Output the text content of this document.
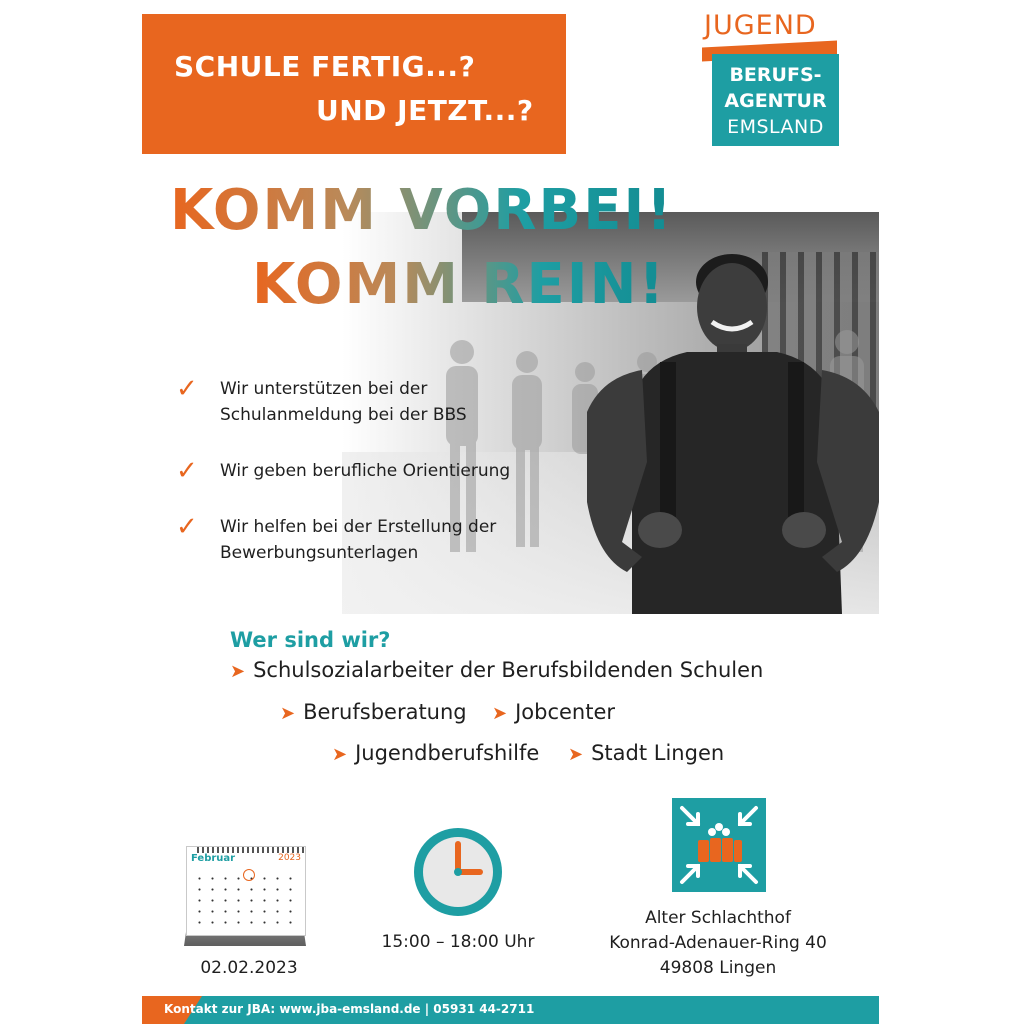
SCHULE FERTIG...?
UND JETZT...?
JUGEND
BERUFS-
AGENTUR
EMSLAND
KOMM VORBEI!
KOMM REIN!
✓ Wir unterstützen bei der
Schulanmeldung bei der BBS
✓ Wir geben berufliche Orientierung
✓ Wir helfen bei der Erstellung der
Bewerbungsunterlagen
Wer sind wir?
➤ Schulsozialarbeiter der Berufsbildenden Schulen
➤ Berufsberatung ➤ Jobcenter
➤ Jugendberufshilfe ➤ Stadt Lingen
Februar	2023
02.02.2023
15:00 – 18:00 Uhr
Alter Schlachthof
Konrad-Adenauer-Ring 40
49808 Lingen
Kontakt zur JBA: www.jba-emsland.de | 05931 44-2711
